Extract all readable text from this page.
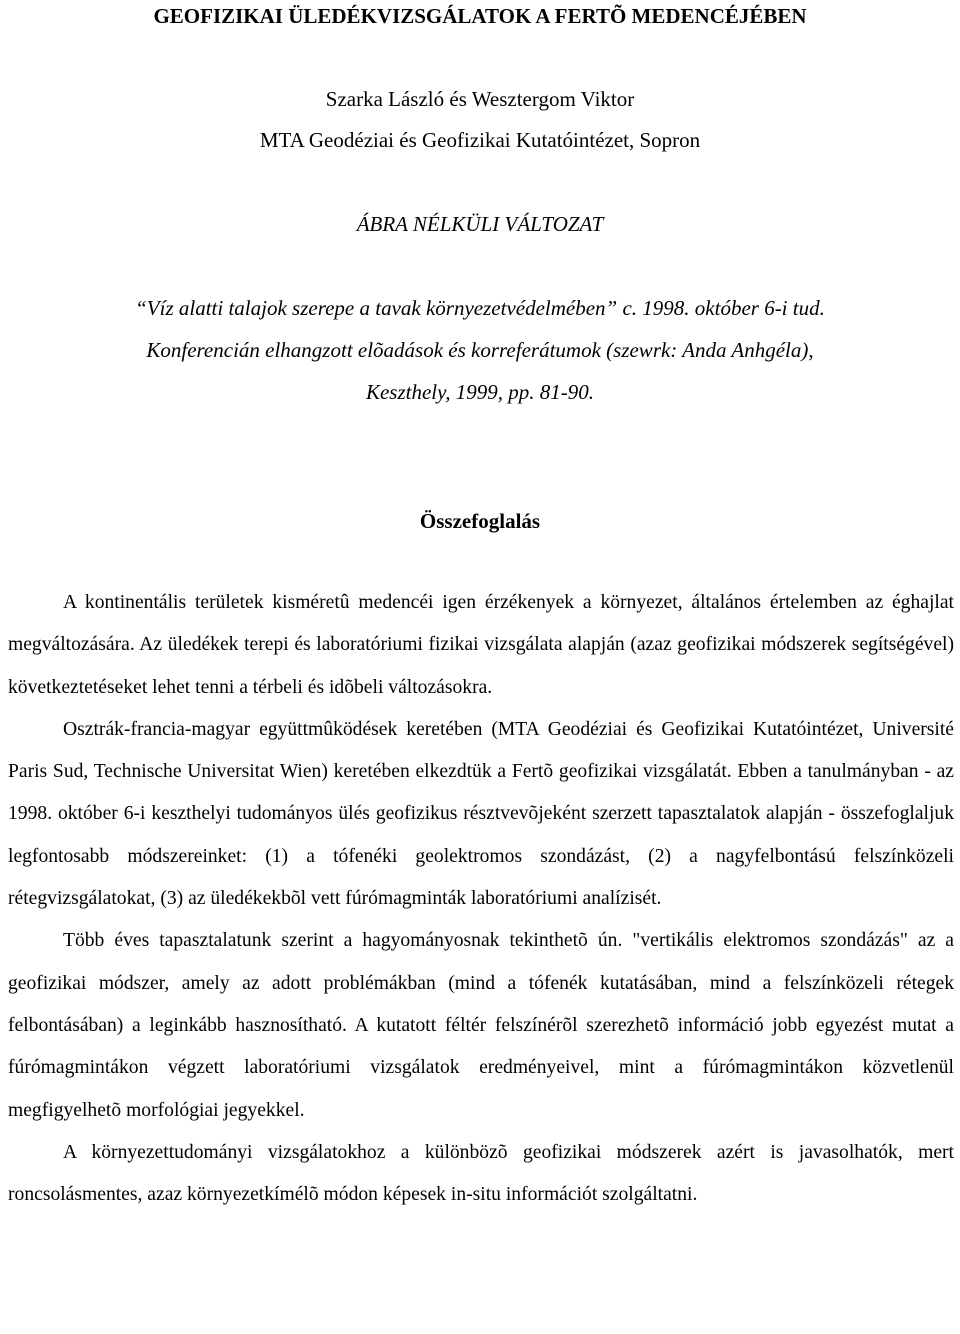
GEOFIZIKAI ÜLEDÉKVIZSGÁLATOK A FERTÕ MEDENCÉJÉBEN
Szarka László és Wesztergom Viktor
MTA Geodéziai és Geofizikai Kutatóintézet, Sopron
ÁBRA NÉLKÜLI VÁLTOZAT
“Víz alatti talajok szerepe a tavak környezetvédelmében” c. 1998. október 6-i tud.
Konferencián elhangzott elõadások és korreferátumok (szewrk: Anda Anhgéla),
Keszthely, 1999, pp. 81-90.
Összefoglalás

A kontinentális területek kisméretû medencéi igen érzékenyek a környezet, általános értelemben az éghajlat megváltozására. Az üledékek terepi és laboratóriumi fizikai vizsgálata alapján (azaz geofizikai módszerek segítségével) következtetéseket lehet tenni a térbeli és idõbeli változásokra.

Osztrák-francia-magyar együttmûködések keretében (MTA Geodéziai és Geofizikai Kutatóintézet, Université Paris Sud, Technische Universitat Wien) keretében elkezdtük a Fertõ geofizikai vizsgálatát. Ebben a tanulmányban - az 1998. október 6-i keszthelyi tudományos ülés geofizikus résztvevõjeként szerzett tapasztalatok alapján - összefoglaljuk legfontosabb módszereinket: (1) a tófenéki geolektromos szondázást, (2) a nagyfelbontású felszínközeli rétegvizsgálatokat, (3) az üledékekbõl vett fúrómagminták laboratóriumi analízisét.

Több éves tapasztalatunk szerint a hagyományosnak tekinthetõ ún. "vertikális elektromos szondázás" az a geofizikai módszer, amely az adott problémákban (mind a tófenék kutatásában, mind a felszínközeli rétegek felbontásában) a leginkább hasznosítható. A kutatott féltér felszínérõl szerezhetõ információ jobb egyezést mutat a fúrómagmintákon végzett laboratóriumi vizsgálatok eredményeivel, mint a fúrómagmintákon közvetlenül megfigyelhetõ morfológiai jegyekkel.

A környezettudományi vizsgálatokhoz a különbözõ geofizikai módszerek azért is javasolhatók, mert roncsolásmentes, azaz környezetkímélõ módon képesek in-situ információt szolgáltatni.
